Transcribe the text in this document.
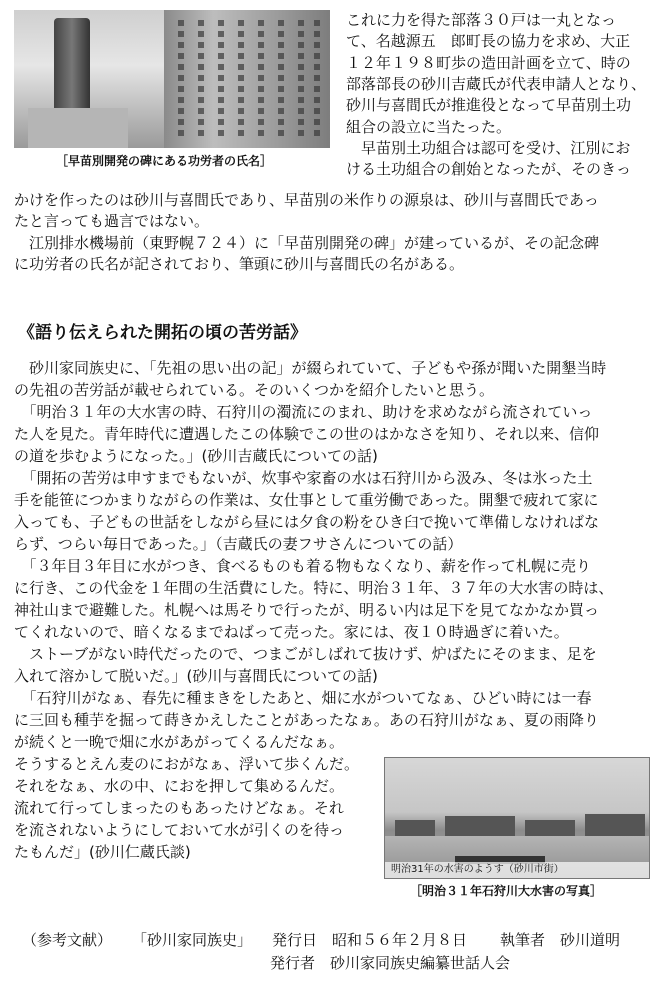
［早苗別開発の碑にある功労者の氏名］
これに力を得た部落３０戸は一丸となっ
て、名越源五　郎町長の協力を求め、大正
１２年１９８町歩の造田計画を立て、時の
部落部長の砂川吉蔵氏が代表申請人となり、
砂川与喜間氏が推進役となって早苗別土功
組合の設立に当たった。
　早苗別土功組合は認可を受け、江別にお
ける土功組合の創始となったが、そのきっ
かけを作ったのは砂川与喜間氏であり、早苗別の米作りの源泉は、砂川与喜間氏であっ
たと言っても過言ではない。
　江別排水機場前（東野幌７２４）に「早苗別開発の碑」が建っているが、その記念碑
に功労者の氏名が記されており、筆頭に砂川与喜間氏の名がある。
《語り伝えられた開拓の頃の苦労話》
　砂川家同族史に、「先祖の思い出の記」が綴られていて、子どもや孫が聞いた開墾当時
の先祖の苦労話が載せられている。そのいくつかを紹介したいと思う。
　「明治３１年の大水害の時、石狩川の濁流にのまれ、助けを求めながら流されていっ
た人を見た。青年時代に遭遇したこの体験でこの世のはかなさを知り、それ以来、信仰
の道を歩むようになった。」(砂川吉蔵氏についての話)
　「開拓の苦労は申すまでもないが、炊事や家畜の水は石狩川から汲み、冬は氷った土
手を能笹につかまりながらの作業は、女仕事として重労働であった。開墾で疲れて家に
入っても、子どもの世話をしながら昼には夕食の粉をひき臼で挽いて準備しなければな
らず、つらい毎日であった。」（吉蔵氏の妻フサさんについての話）
　「３年目３年目に水がつき、食べるものも着る物もなくなり、薪を作って札幌に売り
に行き、この代金を１年間の生活費にした。特に、明治３１年、３７年の大水害の時は、
神社山まで避難した。札幌へは馬そりで行ったが、明るい内は足下を見てなかなか買っ
てくれないので、暗くなるまでねばって売った。家には、夜１０時過ぎに着いた。
　ストーブがない時代だったので、つまごがしばれて抜けず、炉ばたにそのまま、足を
入れて溶かして脱いだ。」(砂川与喜間氏についての話)
　「石狩川がなぁ、春先に種まきをしたあと、畑に水がついてなぁ、ひどい時には一春
に三回も種芋を掘って蒔きかえしたことがあったなぁ。あの石狩川がなぁ、夏の雨降り
が続くと一晩で畑に水があがってくるんだなぁ。
そうするとえん麦のにおがなぁ、浮いて歩くんだ。
それをなぁ、水の中、におを押して集めるんだ。
流れて行ってしまったのもあったけどなぁ。それ
を流されないようにしておいて水が引くのを待っ
たもんだ」(砂川仁蔵氏談)
明治31年の水害のようす（砂川市街）
［明治３１年石狩川大水害の写真］
（参考文献） 「砂川家同族史」 発行日　昭和５６年２月８日 執筆者　砂川道明
発行者　砂川家同族史編纂世話人会
